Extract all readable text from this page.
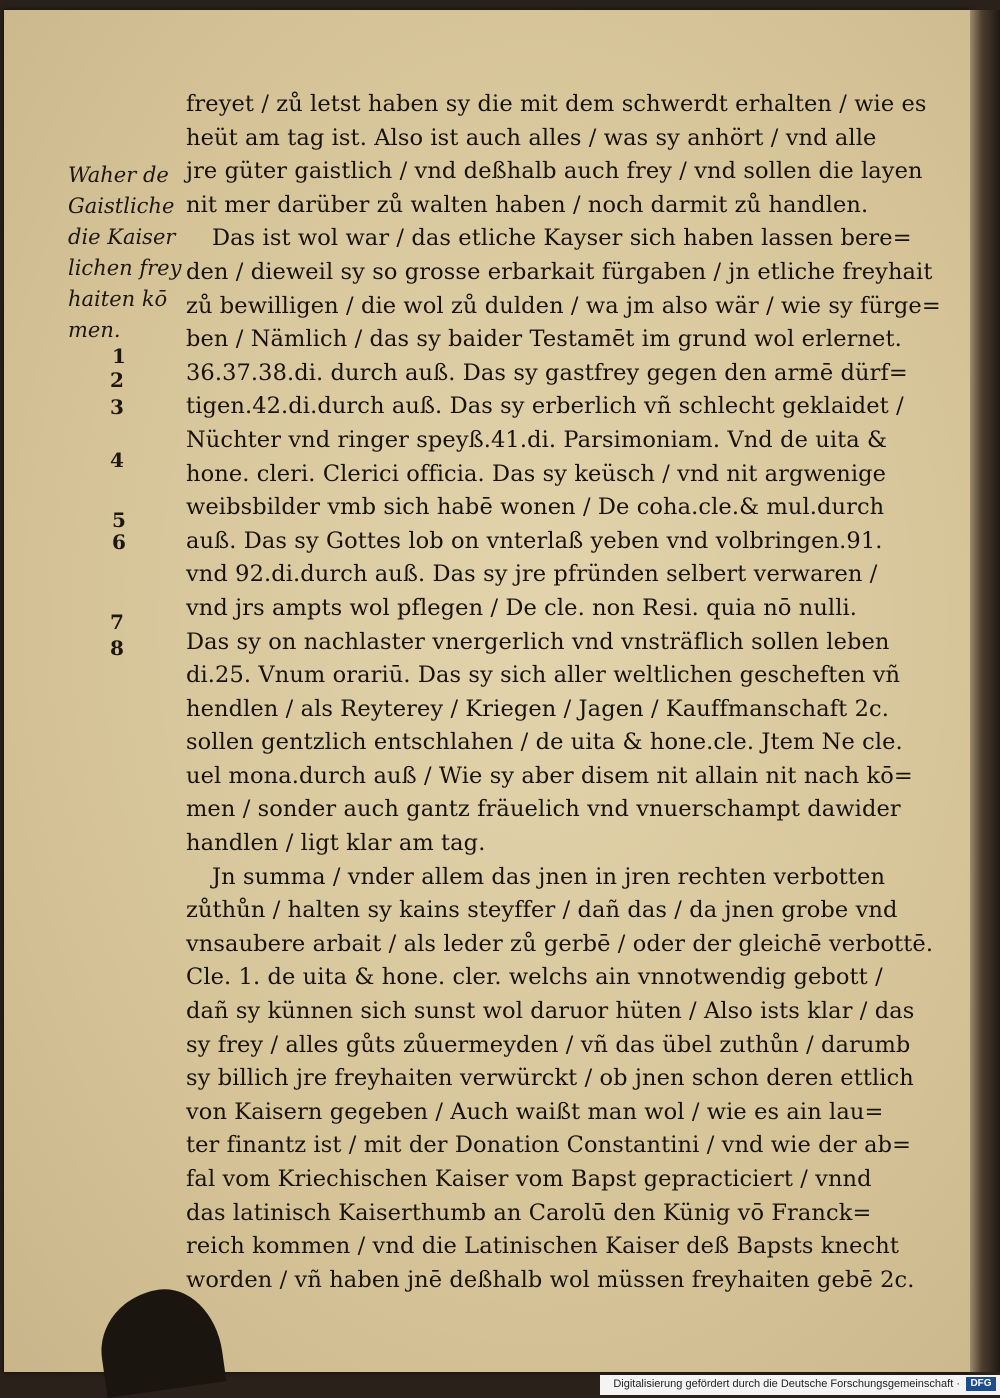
Waher de
Gaistliche
die Kaiser
lichen frey
haiten kō
men.
1
2
3
4
5
6
7
8
freyet / zů letst haben sy die mit dem schwerdt erhalten / wie es
heüt am tag ist. Also ist auch alles / was sy anhört / vnd alle
jre güter gaistlich / vnd deßhalb auch frey / vnd sollen die layen
nit mer darüber zů walten haben / noch darmit zů handlen.
Das ist wol war / das etliche Kayser sich haben lassen bere=
den / dieweil sy so grosse erbarkait fürgaben / jn etliche freyhait
zů bewilligen / die wol zů dulden / wa jm also wär / wie sy fürge=
ben / Nämlich / das sy baider Testamēt im grund wol erlernet.
36.37.38.di. durch auß. Das sy gastfrey gegen den armē dürf=
tigen.42.di.durch auß. Das sy erberlich vñ schlecht geklaidet /
Nüchter vnd ringer speyß.41.di. Parsimoniam. Vnd de uita &
hone. cleri. Clerici officia. Das sy keüsch / vnd nit argwenige
weibsbilder vmb sich habē wonen / De coha.cle.& mul.durch
auß. Das sy Gottes lob on vnterlaß yeben vnd volbringen.91.
vnd 92.di.durch auß. Das sy jre pfründen selbert verwaren /
vnd jrs ampts wol pflegen / De cle. non Resi. quia nō nulli.
Das sy on nachlaster vnergerlich vnd vnsträflich sollen leben
di.25. Vnum orariū. Das sy sich aller weltlichen gescheften vñ
hendlen / als Reyterey / Kriegen / Jagen / Kauffmanschaft 2c.
sollen gentzlich entschlahen / de uita & hone.cle. Jtem Ne cle.
uel mona.durch auß / Wie sy aber disem nit allain nit nach kō=
men / sonder auch gantz fräuelich vnd vnuerschampt dawider
handlen / ligt klar am tag.
Jn summa / vnder allem das jnen in jren rechten verbotten
zůthůn / halten sy kains steyffer / dañ das / da jnen grobe vnd
vnsaubere arbait / als leder zů gerbē / oder der gleichē verbottē.
Cle. 1. de uita & hone. cler. welchs ain vnnotwendig gebott /
dañ sy künnen sich sunst wol daruor hüten / Also ists klar / das
sy frey / alles gůts zůuermeyden / vñ das übel zuthůn / darumb
sy billich jre freyhaiten verwürckt / ob jnen schon deren ettlich
von Kaisern gegeben / Auch waißt man wol / wie es ain lau=
ter finantz ist / mit der Donation Constantini / vnd wie der ab=
fal vom Kriechischen Kaiser vom Bapst gepracticiert / vnnd
das latinisch Kaiserthumb an Carolū den Künig vō Franck=
reich kommen / vnd die Latinischen Kaiser deß Bapsts knecht
worden / vñ haben jnē deßhalb wol müssen freyhaiten gebē 2c.
Digitalisierung gefördert durch die Deutsche Forschungsgemeinschaft ·	DFG
